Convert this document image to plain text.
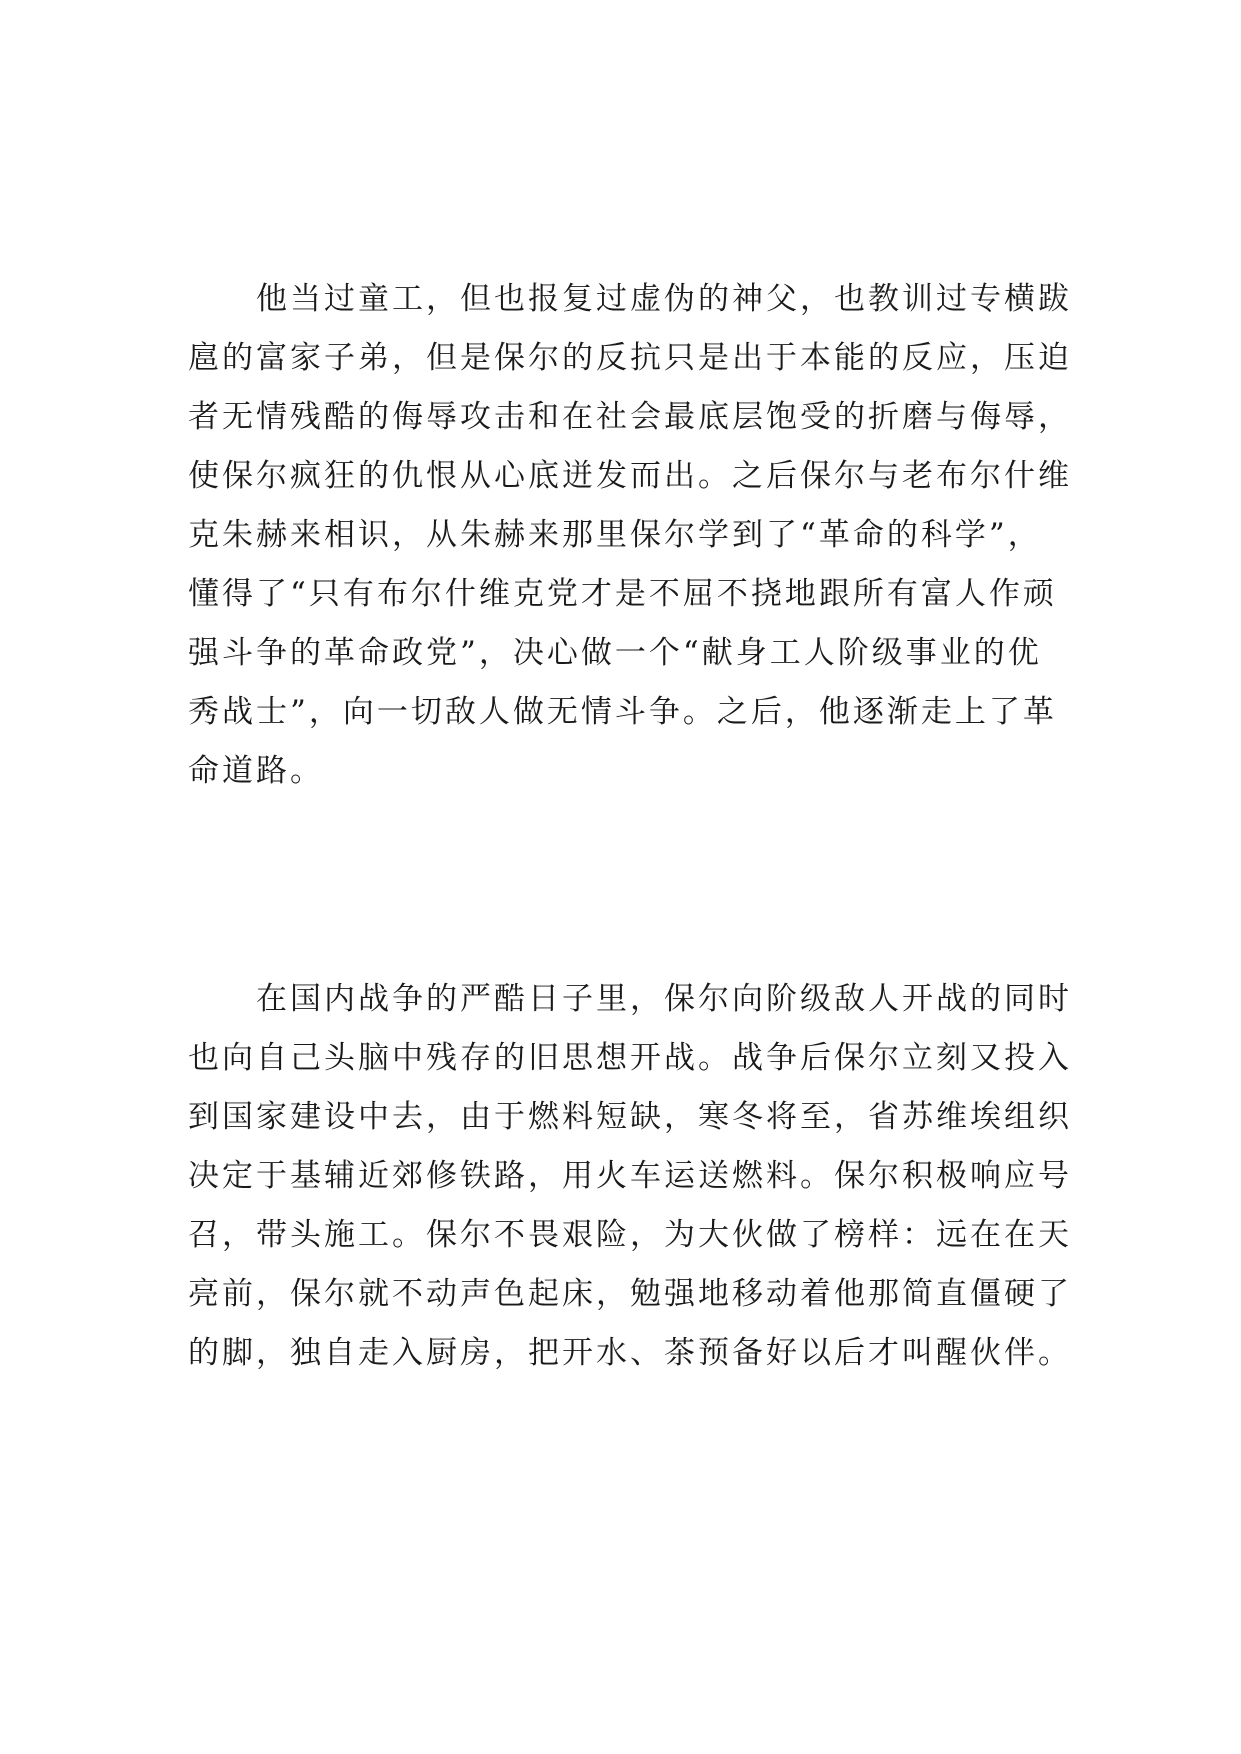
他当过童工，但也报复过虚伪的神父，也教训过专横跋
扈的富家子弟，但是保尔的反抗只是出于本能的反应，压迫
者无情残酷的侮辱攻击和在社会最底层饱受的折磨与侮辱，
使保尔疯狂的仇恨从心底迸发而出。之后保尔与老布尔什维
克朱赫来相识，从朱赫来那里保尔学到了“革命的科学”，
懂得了“只有布尔什维克党才是不屈不挠地跟所有富人作顽
强斗争的革命政党”，决心做一个“献身工人阶级事业的优
秀战士”，向一切敌人做无情斗争。之后，他逐渐走上了革
命道路。
在国内战争的严酷日子里，保尔向阶级敌人开战的同时
也向自己头脑中残存的旧思想开战。战争后保尔立刻又投入
到国家建设中去，由于燃料短缺，寒冬将至，省苏维埃组织
决定于基辅近郊修铁路，用火车运送燃料。保尔积极响应号
召，带头施工。保尔不畏艰险，为大伙做了榜样：远在在天
亮前，保尔就不动声色起床，勉强地移动着他那简直僵硬了
的脚，独自走入厨房，把开水、茶预备好以后才叫醒伙伴。
